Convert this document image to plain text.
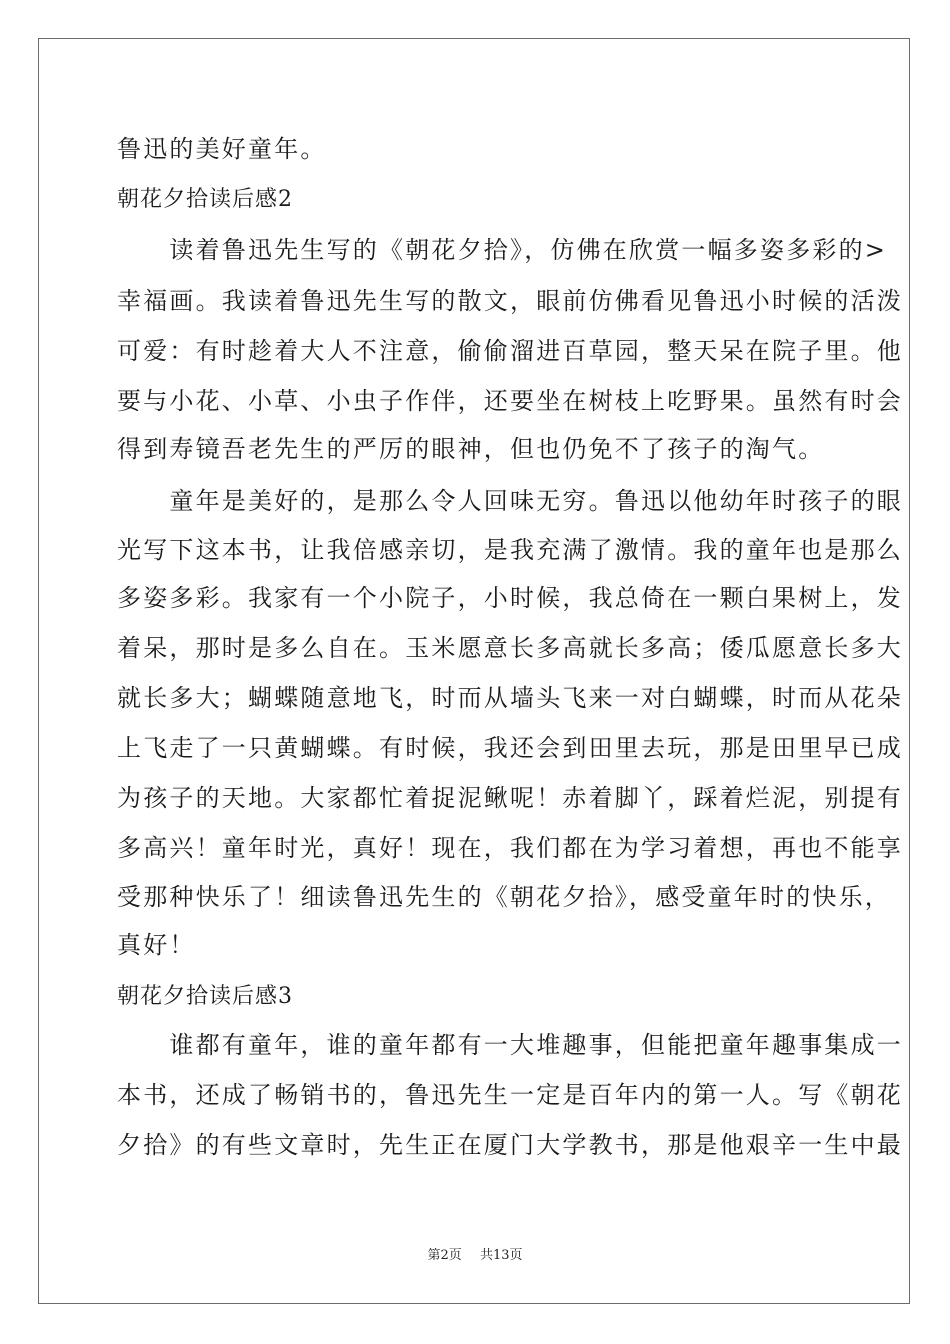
鲁迅的美好童年。
朝花夕拾读后感2
　　读着鲁迅先生写的《朝花夕拾》，仿佛在欣赏一幅多姿多彩的>
幸福画。我读着鲁迅先生写的散文，眼前仿佛看见鲁迅小时候的活泼
可爱：有时趁着大人不注意，偷偷溜进百草园，整天呆在院子里。他
要与小花、小草、小虫子作伴，还要坐在树枝上吃野果。虽然有时会
得到寿镜吾老先生的严厉的眼神，但也仍免不了孩子的淘气。
　　童年是美好的，是那么令人回味无穷。鲁迅以他幼年时孩子的眼
光写下这本书，让我倍感亲切，是我充满了激情。我的童年也是那么
多姿多彩。我家有一个小院子，小时候，我总倚在一颗白果树上，发
着呆，那时是多么自在。玉米愿意长多高就长多高；倭瓜愿意长多大
就长多大；蝴蝶随意地飞，时而从墙头飞来一对白蝴蝶，时而从花朵
上飞走了一只黄蝴蝶。有时候，我还会到田里去玩，那是田里早已成
为孩子的天地。大家都忙着捉泥鳅呢！赤着脚丫，踩着烂泥，别提有
多高兴！童年时光，真好！现在，我们都在为学习着想，再也不能享
受那种快乐了！细读鲁迅先生的《朝花夕拾》，感受童年时的快乐，
真好！
朝花夕拾读后感3
　　谁都有童年，谁的童年都有一大堆趣事，但能把童年趣事集成一
本书，还成了畅销书的，鲁迅先生一定是百年内的第一人。写《朝花
夕拾》的有些文章时，先生正在厦门大学教书，那是他艰辛一生中最
第2页 共13页
